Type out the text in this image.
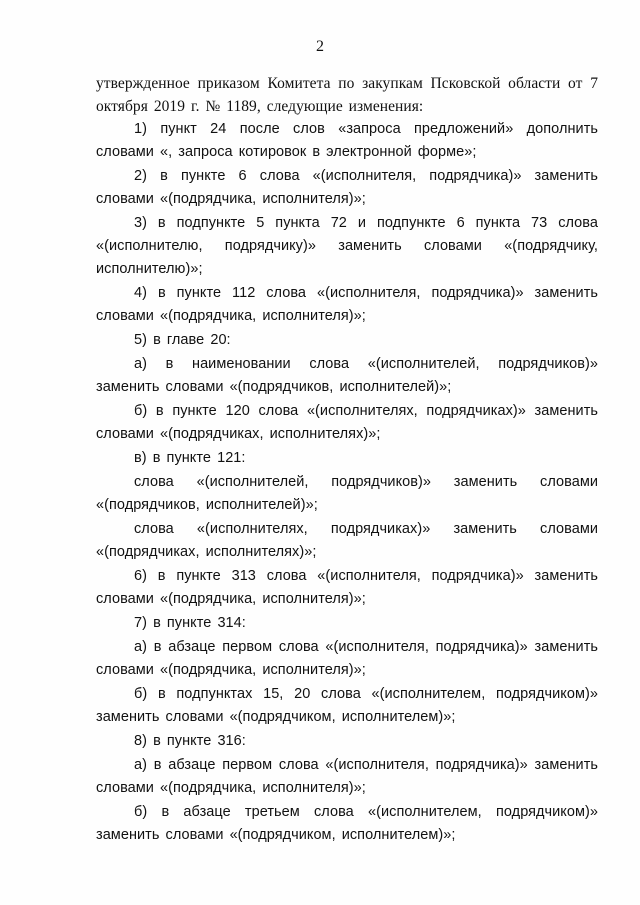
2

утвержденное приказом Комитета по закупкам Псковской области от 7 октября 2019 г. № 1189, следующие изменения:

1) пункт 24 после слов «запроса предложений» дополнить словами «, запроса котировок в электронной форме»;

2) в пункте 6 слова «(исполнителя, подрядчика)» заменить словами «(подрядчика, исполнителя)»;

3) в подпункте 5 пункта 72 и подпункте 6 пункта 73 слова «(исполнителю, подрядчику)» заменить словами «(подрядчику, исполнителю)»;

4) в пункте 112 слова «(исполнителя, подрядчика)» заменить словами «(подрядчика, исполнителя)»;

5) в главе 20:

а) в наименовании слова «(исполнителей, подрядчиков)» заменить словами «(подрядчиков, исполнителей)»;

б) в пункте 120 слова «(исполнителях, подрядчиках)» заменить словами «(подрядчиках, исполнителях)»;

в) в пункте 121:

слова «(исполнителей, подрядчиков)» заменить словами «(подрядчиков, исполнителей)»;

слова «(исполнителях, подрядчиках)» заменить словами «(подрядчиках, исполнителях)»;

6) в пункте 313 слова «(исполнителя, подрядчика)» заменить словами «(подрядчика, исполнителя)»;

7) в пункте 314:

а) в абзаце первом слова «(исполнителя, подрядчика)» заменить словами «(подрядчика, исполнителя)»;

б) в подпунктах 15, 20 слова «(исполнителем, подрядчиком)» заменить словами «(подрядчиком, исполнителем)»;

8) в пункте 316:

а) в абзаце первом слова «(исполнителя, подрядчика)» заменить словами «(подрядчика, исполнителя)»;

б) в абзаце третьем слова «(исполнителем, подрядчиком)» заменить словами «(подрядчиком, исполнителем)»;
